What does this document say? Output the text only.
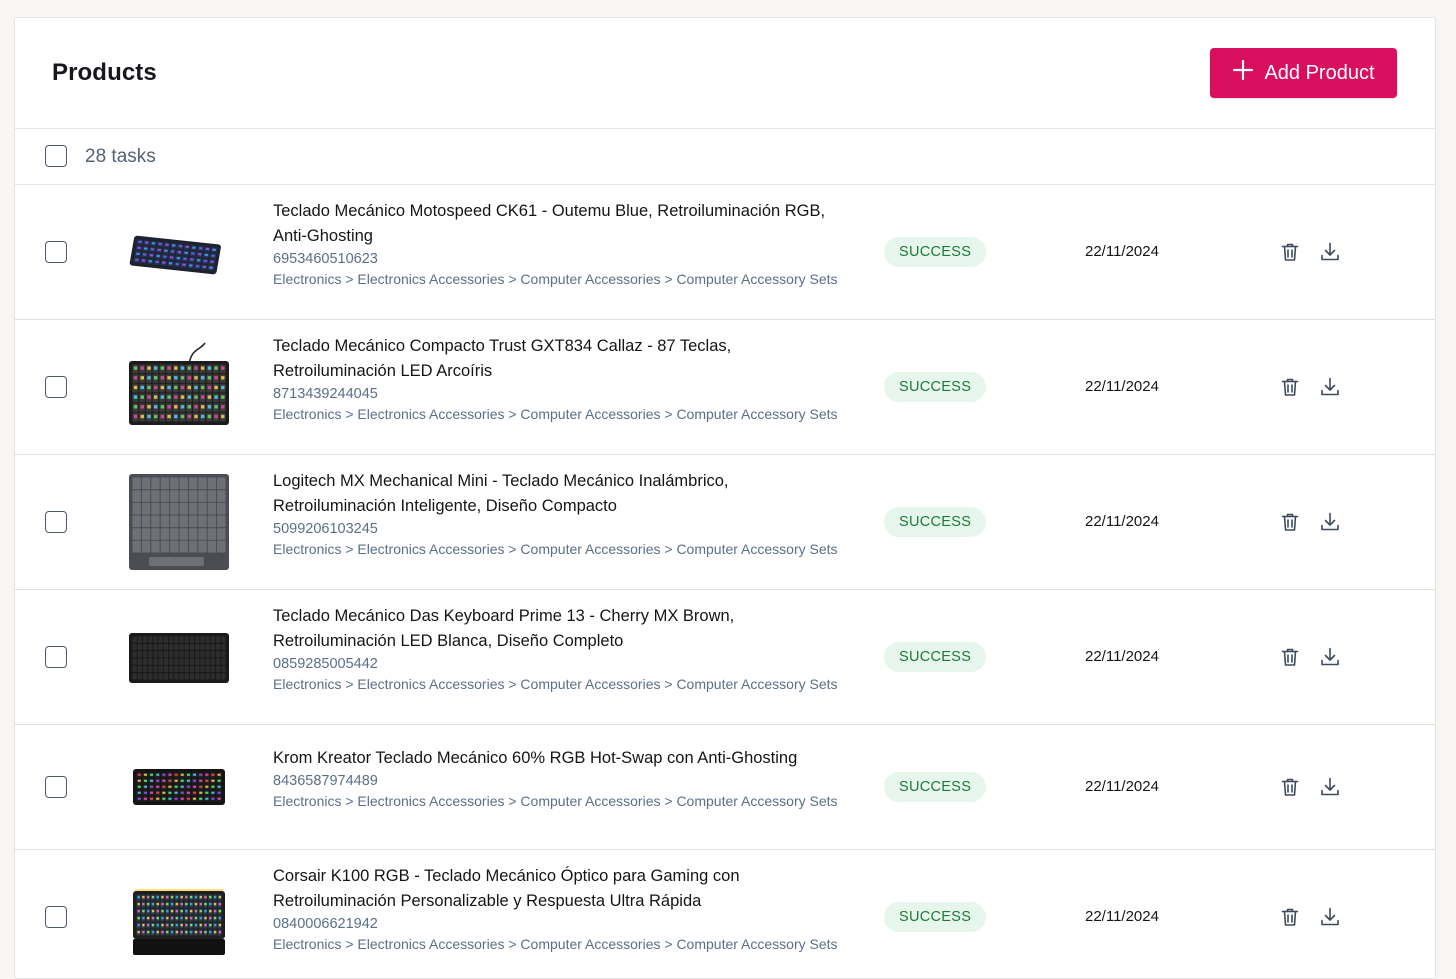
Products	Add Product
28 tasks
Teclado Mecánico Motospeed CK61 - Outemu Blue, Retroiluminación RGB, Anti-Ghosting
6953460510623
Electronics > Electronics Accessories > Computer Accessories > Computer Accessory Sets
SUCCESS	22/11/2024
Teclado Mecánico Compacto Trust GXT834 Callaz - 87 Teclas, Retroiluminación LED Arcoíris
8713439244045
Electronics > Electronics Accessories > Computer Accessories > Computer Accessory Sets
SUCCESS	22/11/2024
Logitech MX Mechanical Mini - Teclado Mecánico Inalámbrico, Retroiluminación Inteligente, Diseño Compacto
5099206103245
Electronics > Electronics Accessories > Computer Accessories > Computer Accessory Sets
SUCCESS	22/11/2024
Teclado Mecánico Das Keyboard Prime 13 - Cherry MX Brown, Retroiluminación LED Blanca, Diseño Completo
0859285005442
Electronics > Electronics Accessories > Computer Accessories > Computer Accessory Sets
SUCCESS	22/11/2024
Krom Kreator Teclado Mecánico 60% RGB Hot-Swap con Anti-Ghosting
8436587974489
Electronics > Electronics Accessories > Computer Accessories > Computer Accessory Sets
SUCCESS	22/11/2024
Corsair K100 RGB - Teclado Mecánico Óptico para Gaming con Retroiluminación Personalizable y Respuesta Ultra Rápida
0840006621942
Electronics > Electronics Accessories > Computer Accessories > Computer Accessory Sets
SUCCESS	22/11/2024
